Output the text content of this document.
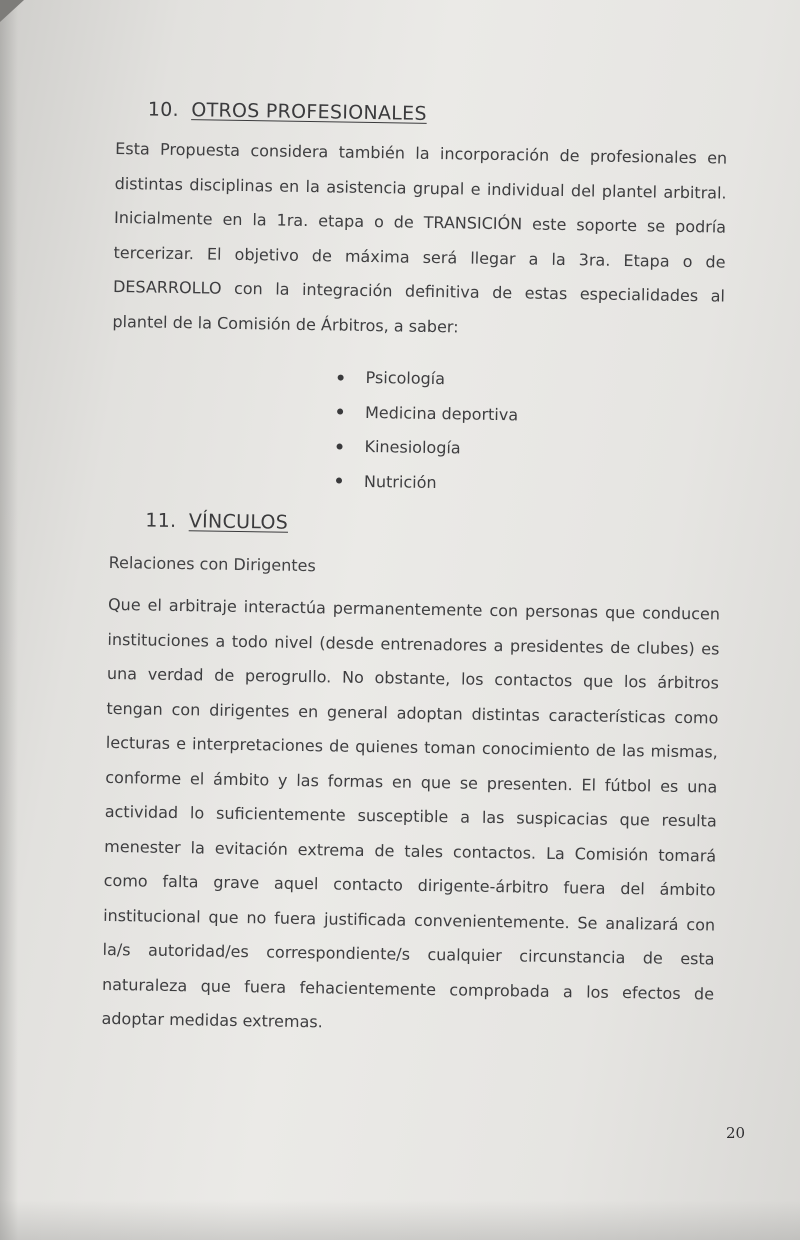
10. OTROS PROFESIONALES

Esta Propuesta considera también la incorporación de profesionales en distintas disciplinas en la asistencia grupal e individual del plantel arbitral. Inicialmente en la 1ra. etapa o de TRANSICIÓN este soporte se podría tercerizar. El objetivo de máxima será llegar a la 3ra. Etapa o de DESARROLLO con la integración definitiva de estas especialidades al plantel de la Comisión de Árbitros, a saber:

Psicología
Medicina deportiva
Kinesiología
Nutrición
11. VÍNCULOS
Relaciones con Dirigentes

Que el arbitraje interactúa permanentemente con personas que conducen instituciones a todo nivel (desde entrenadores a presidentes de clubes) es una verdad de perogrullo. No obstante, los contactos que los árbitros tengan con dirigentes en general adoptan distintas características como lecturas e interpretaciones de quienes toman conocimiento de las mismas, conforme el ámbito y las formas en que se presenten. El fútbol es una actividad lo suficientemente susceptible a las suspicacias que resulta menester la evitación extrema de tales contactos. La Comisión tomará como falta grave aquel contacto dirigente-árbitro fuera del ámbito institucional que no fuera justificada convenientemente. Se analizará con la/s autoridad/es correspondiente/s cualquier circunstancia de esta naturaleza que fuera fehacientemente comprobada a los efectos de adoptar medidas extremas.

20
